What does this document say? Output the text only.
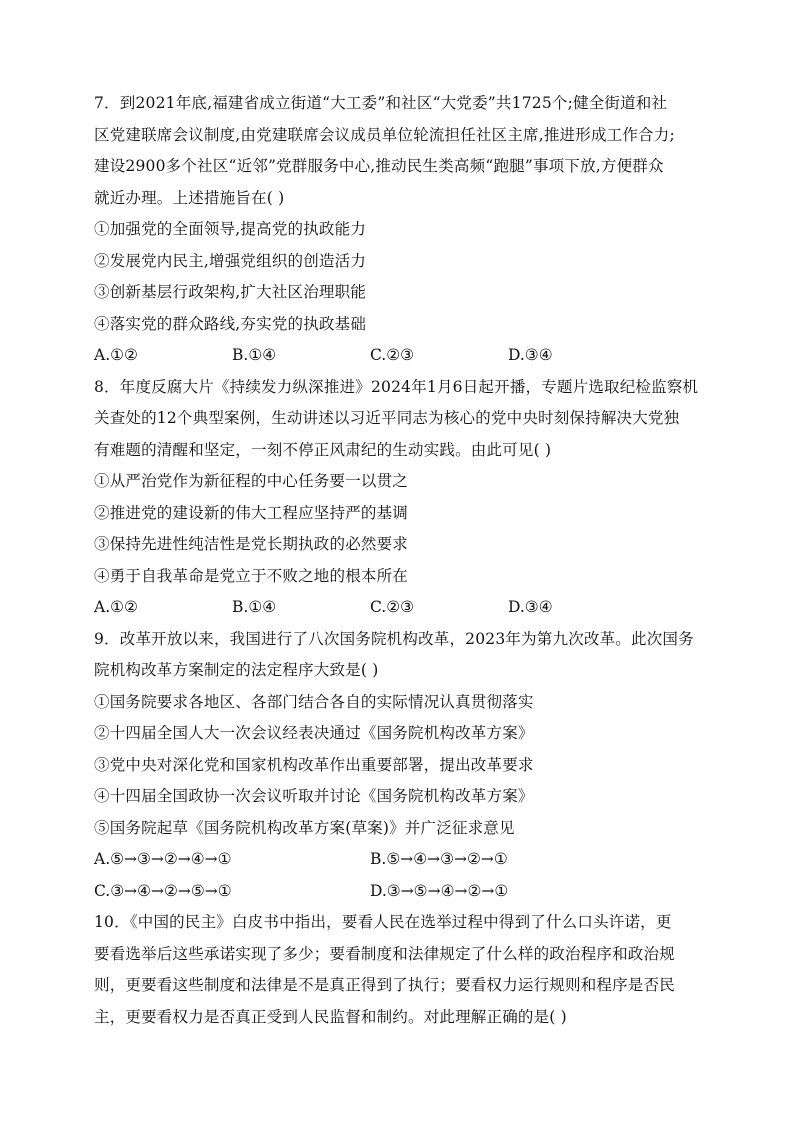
7．到2021年底,福建省成立街道“大工委”和社区“大党委”共1725个;健全街道和社
区党建联席会议制度,由党建联席会议成员单位轮流担任社区主席,推进形成工作合力;
建设2900多个社区“近邻”党群服务中心,推动民生类高频“跑腿”事项下放,方便群众
就近办理。上述措施旨在( )
①加强党的全面领导,提高党的执政能力
②发展党内民主,增强党组织的创造活力
③创新基层行政架构,扩大社区治理职能
④落实党的群众路线,夯实党的执政基础
A.①②	B.①④	C.②③	D.③④
8．年度反腐大片《持续发力纵深推进》2024年1月6日起开播，专题片选取纪检监察机
关查处的12个典型案例，生动讲述以习近平同志为核心的党中央时刻保持解决大党独
有难题的清醒和坚定，一刻不停正风肃纪的生动实践。由此可见( )
①从严治党作为新征程的中心任务要一以贯之
②推进党的建设新的伟大工程应坚持严的基调
③保持先进性纯洁性是党长期执政的必然要求
④勇于自我革命是党立于不败之地的根本所在
A.①②	B.①④	C.②③	D.③④
9．改革开放以来，我国进行了八次国务院机构改革，2023年为第九次改革。此次国务
院机构改革方案制定的法定程序大致是( )
①国务院要求各地区、各部门结合各自的实际情况认真贯彻落实
②十四届全国人大一次会议经表决通过《国务院机构改革方案》
③党中央对深化党和国家机构改革作出重要部署，提出改革要求
④十四届全国政协一次会议听取并讨论《国务院机构改革方案》
⑤国务院起草《国务院机构改革方案(草案)》并广泛征求意见
A.⑤→③→②→④→①	B.⑤→④→③→②→①
C.③→④→②→⑤→①	D.③→⑤→④→②→①
10．《中国的民主》白皮书中指出，要看人民在选举过程中得到了什么口头许诺，更
要看选举后这些承诺实现了多少；要看制度和法律规定了什么样的政治程序和政治规
则，更要看这些制度和法律是不是真正得到了执行；要看权力运行规则和程序是否民
主，更要看权力是否真正受到人民监督和制约。对此理解正确的是( )
